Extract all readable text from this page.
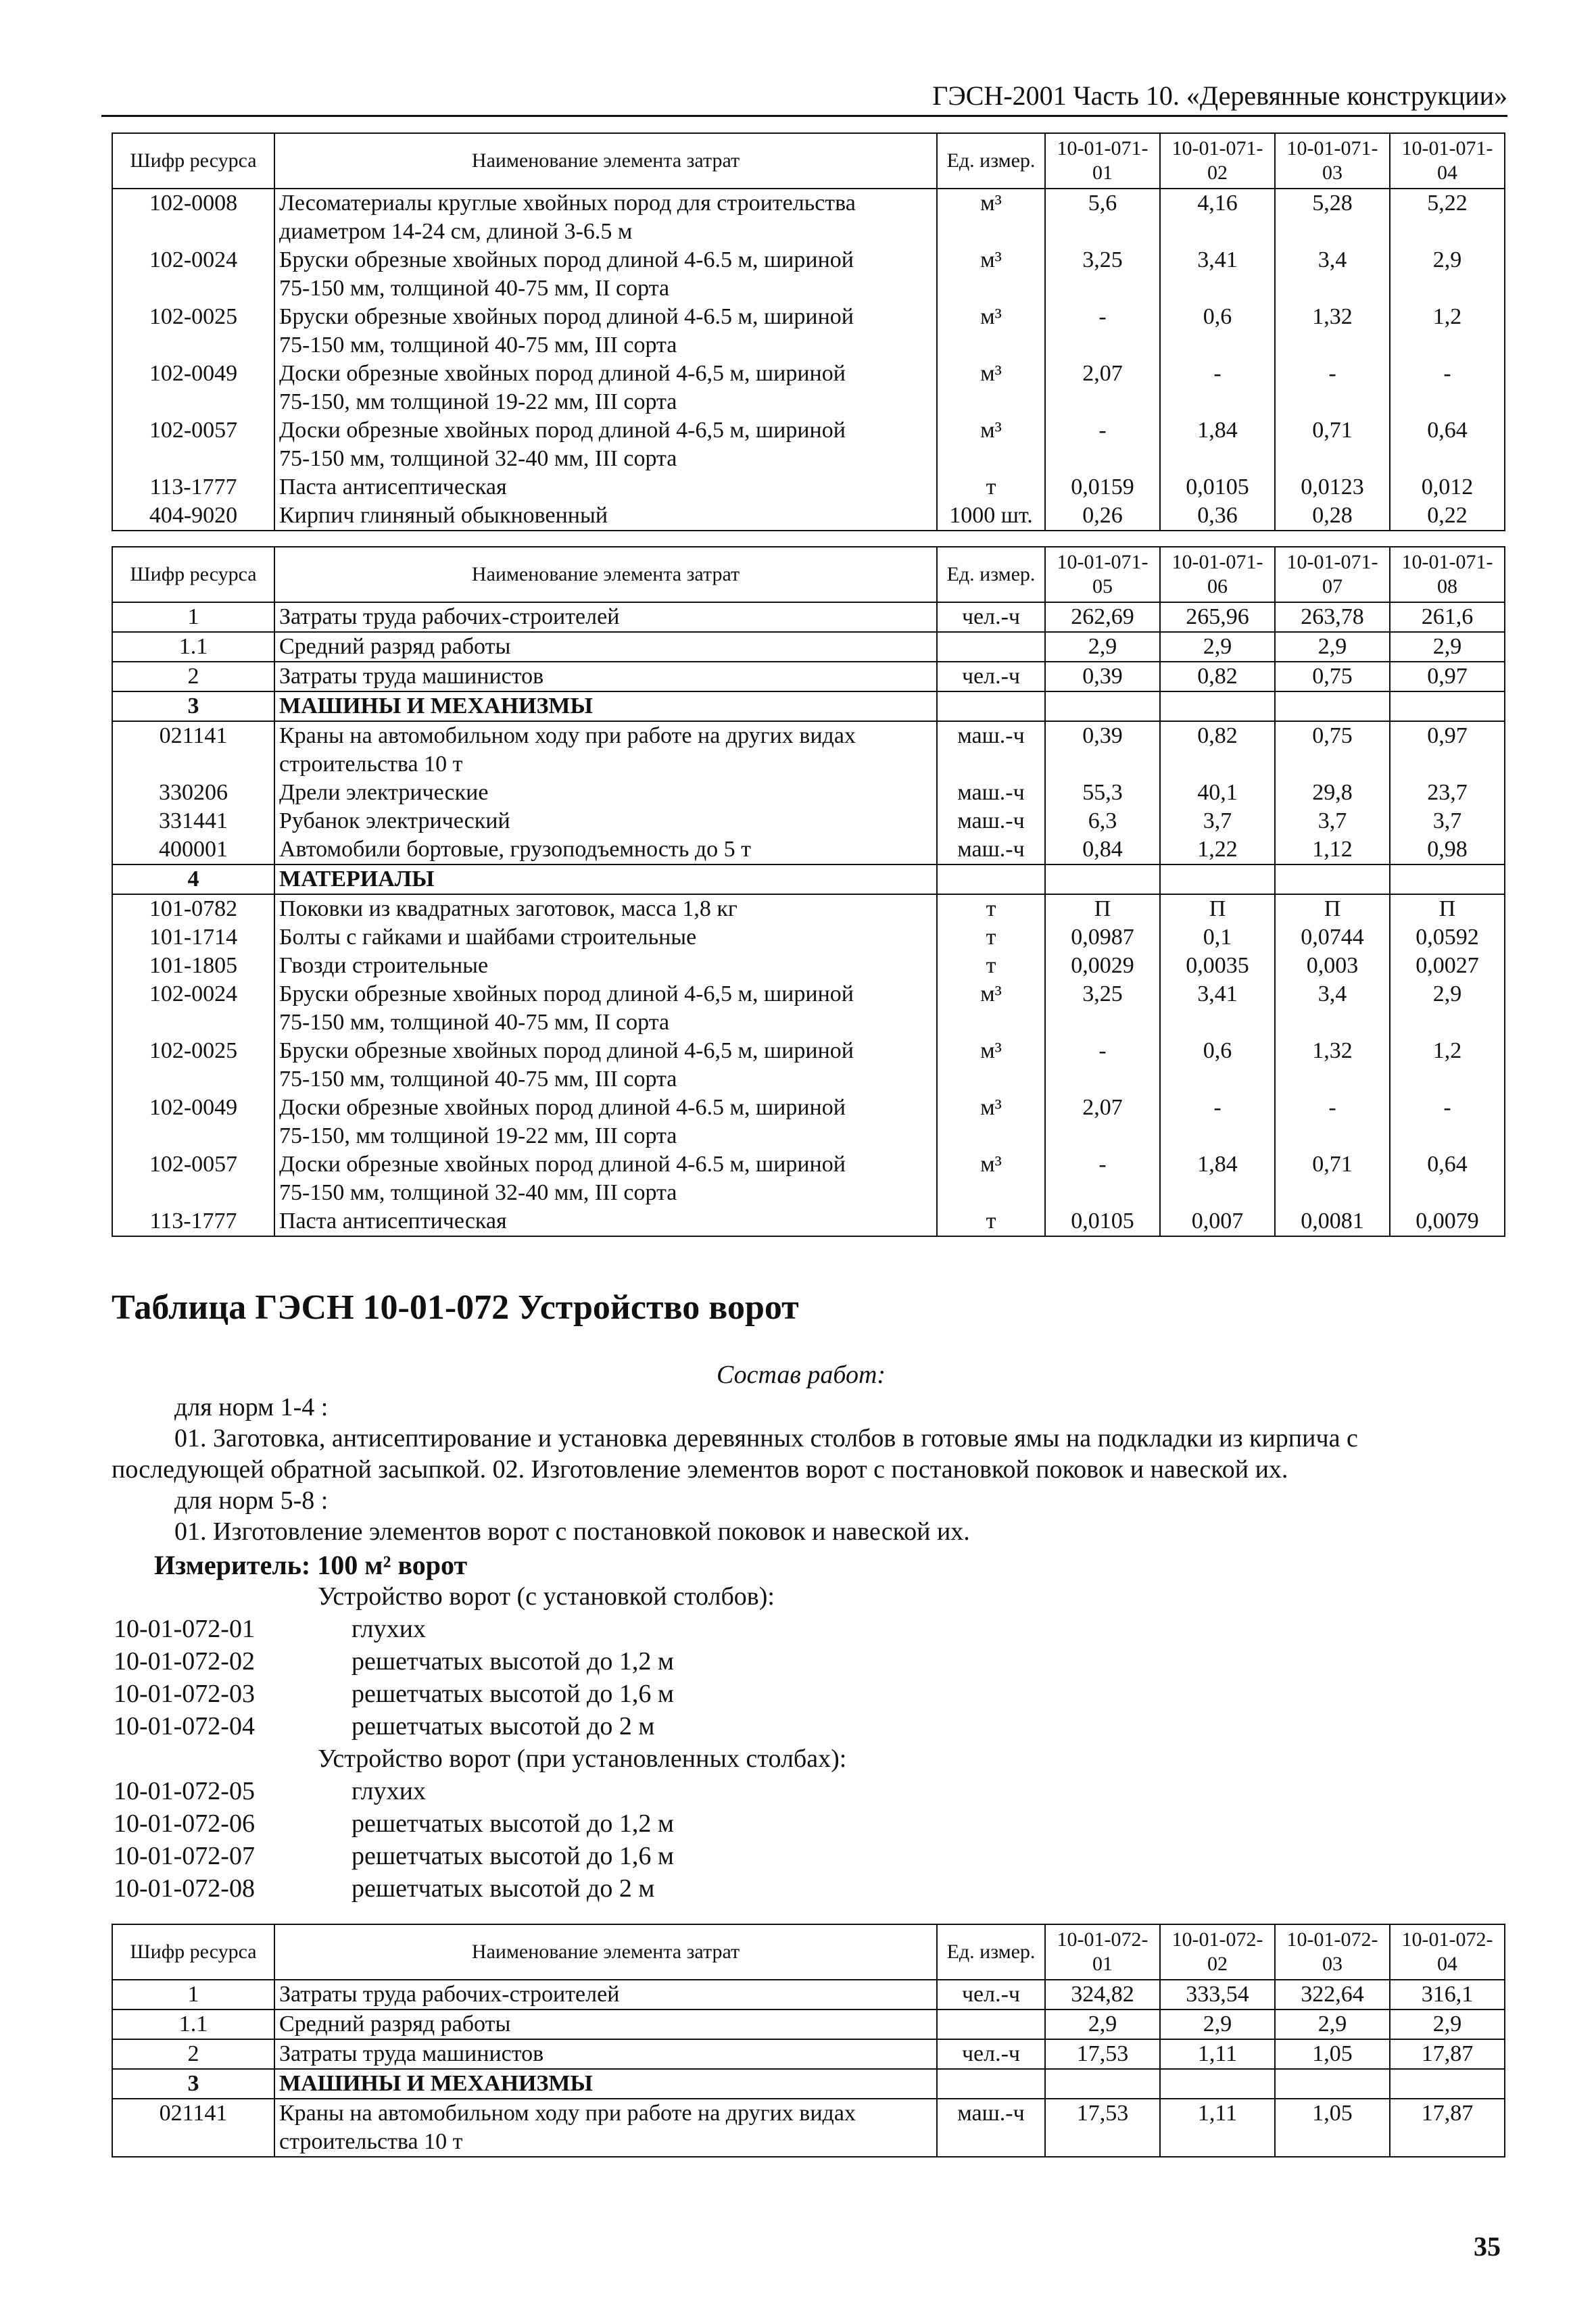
ГЭСН-2001 Часть 10. «Деревянные конструкции»
Шифр ресурса	Наименование элемента затрат	Ед. измер.	10-01-071-01	10-01-071-02	10-01-071-03	10-01-071-04
102-0008	Лесоматериалы круглые хвойных пород для строительства
диаметром 14-24 см, длиной 3-6.5 м	м³	5,6	4,16	5,28	5,22
102-0024	Бруски обрезные хвойных пород длиной 4-6.5 м, шириной
75-150 мм, толщиной 40-75 мм, II сорта	м³	3,25	3,41	3,4	2,9
102-0025	Бруски обрезные хвойных пород длиной 4-6.5 м, шириной
75-150 мм, толщиной 40-75 мм, III сорта	м³	-	0,6	1,32	1,2
102-0049	Доски обрезные хвойных пород длиной 4-6,5 м, шириной
75-150, мм толщиной 19-22 мм, III сорта	м³	2,07	-	-	-
102-0057	Доски обрезные хвойных пород длиной 4-6,5 м, шириной
75-150 мм, толщиной 32-40 мм, III сорта	м³	-	1,84	0,71	0,64
113-1777	Паста антисептическая	т	0,0159	0,0105	0,0123	0,012
404-9020	Кирпич глиняный обыкновенный	1000 шт.	0,26	0,36	0,28	0,22
Шифр ресурса	Наименование элемента затрат	Ед. измер.	10-01-071-05	10-01-071-06	10-01-071-07	10-01-071-08
1	Затраты труда рабочих-строителей	чел.-ч	262,69	265,96	263,78	261,6
1.1	Средний разряд работы		2,9	2,9	2,9	2,9
2	Затраты труда машинистов	чел.-ч	0,39	0,82	0,75	0,97
3	МАШИНЫ И МЕХАНИЗМЫ					

021141	Краны на автомобильном ходу при работе на других видах
строительства 10 т	маш.-ч	0,39	0,82	0,75	0,97
330206	Дрели электрические	маш.-ч	55,3	40,1	29,8	23,7
331441	Рубанок электрический	маш.-ч	6,3	3,7	3,7	3,7
400001	Автомобили бортовые, грузоподъемность до 5 т	маш.-ч	0,84	1,22	1,12	0,98
4	МАТЕРИАЛЫ					

101-0782	Поковки из квадратных заготовок, масса 1,8 кг	т	П	П	П	П
101-1714	Болты с гайками и шайбами строительные	т	0,0987	0,1	0,0744	0,0592
101-1805	Гвозди строительные	т	0,0029	0,0035	0,003	0,0027
102-0024	Бруски обрезные хвойных пород длиной 4-6,5 м, шириной
75-150 мм, толщиной 40-75 мм, II сорта	м³	3,25	3,41	3,4	2,9
102-0025	Бруски обрезные хвойных пород длиной 4-6,5 м, шириной
75-150 мм, толщиной 40-75 мм, III сорта	м³	-	0,6	1,32	1,2
102-0049	Доски обрезные хвойных пород длиной 4-6.5 м, шириной
75-150, мм толщиной 19-22 мм, III сорта	м³	2,07	-	-	-
102-0057	Доски обрезные хвойных пород длиной 4-6.5 м, шириной
75-150 мм, толщиной 32-40 мм, III сорта	м³	-	1,84	0,71	0,64
113-1777	Паста антисептическая	т	0,0105	0,007	0,0081	0,0079
Таблица ГЭСН 10-01-072 Устройство ворот
Состав работ:
для норм 1-4 :
01. Заготовка, антисептирование и установка деревянных столбов в готовые ямы на подкладки из кирпича с
последующей обратной засыпкой. 02. Изготовление элементов ворот с постановкой поковок и навеской их.
для норм 5-8 :
01. Изготовление элементов ворот с постановкой поковок и навеской их.
Измеритель: 100 м² ворот
Устройство ворот (с установкой столбов):
10-01-072-01	глухих
10-01-072-02	решетчатых высотой до 1,2 м
10-01-072-03	решетчатых высотой до 1,6 м
10-01-072-04	решетчатых высотой до 2 м
Устройство ворот (при установленных столбах):
10-01-072-05	глухих
10-01-072-06	решетчатых высотой до 1,2 м
10-01-072-07	решетчатых высотой до 1,6 м
10-01-072-08	решетчатых высотой до 2 м
Шифр ресурса	Наименование элемента затрат	Ед. измер.	10-01-072-01	10-01-072-02	10-01-072-03	10-01-072-04
1	Затраты труда рабочих-строителей	чел.-ч	324,82	333,54	322,64	316,1
1.1	Средний разряд работы		2,9	2,9	2,9	2,9
2	Затраты труда машинистов	чел.-ч	17,53	1,11	1,05	17,87
3	МАШИНЫ И МЕХАНИЗМЫ					

021141	Краны на автомобильном ходу при работе на других видах
строительства 10 т	маш.-ч	17,53	1,11	1,05	17,87
35
